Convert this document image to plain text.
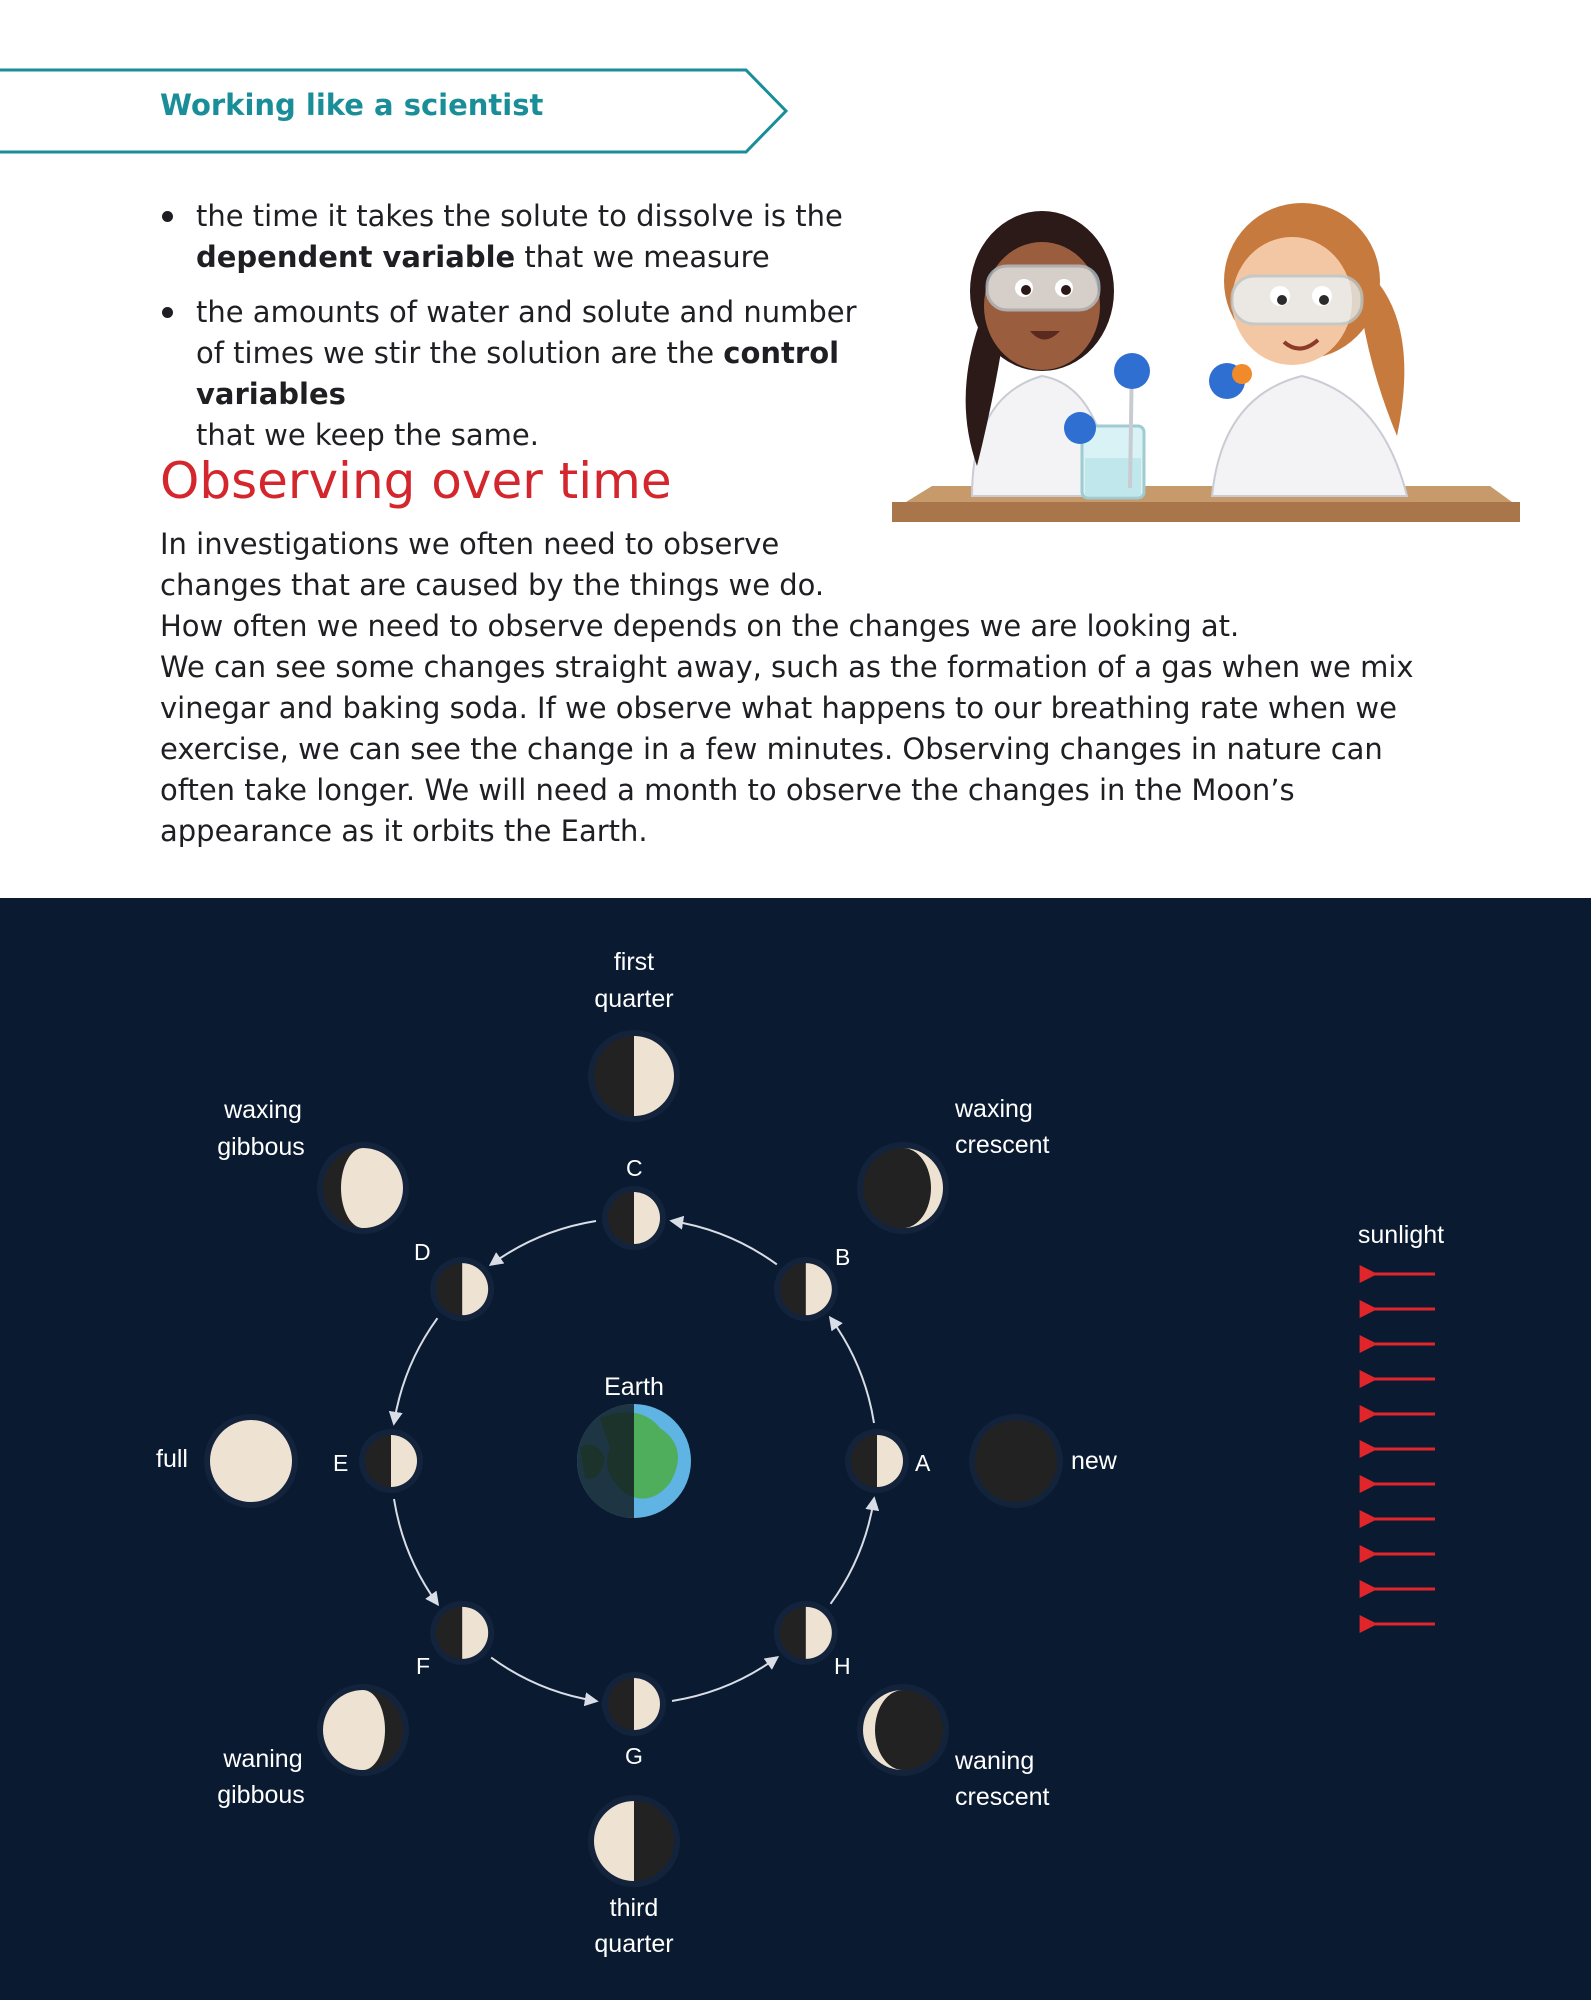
Working like a scientist
the time it takes the solute to dissolve is the
dependent variable that we measure
the amounts of water and solute and number
of times we stir the solution are the control variables
that we keep the same.
Observing over time

In investigations we often need to observe
changes that are caused by the things we do.

How often we need to observe depends on the changes we are looking at.

We can see some changes straight away, such as the formation of a gas when we mix vinegar and baking soda. If we observe what happens to our breathing rate when we exercise, we can see the change in a few minutes. Observing changes in nature can often take longer. We will need a month to observe the changes in the Moon’s appearance as it orbits the Earth.

Earth
sunlight
new
waxing
crescent
first
quarter
waxing
gibbous
full
waning
gibbous
third
quarter
waning
crescent
A
B
C
D
E
F
G
H
